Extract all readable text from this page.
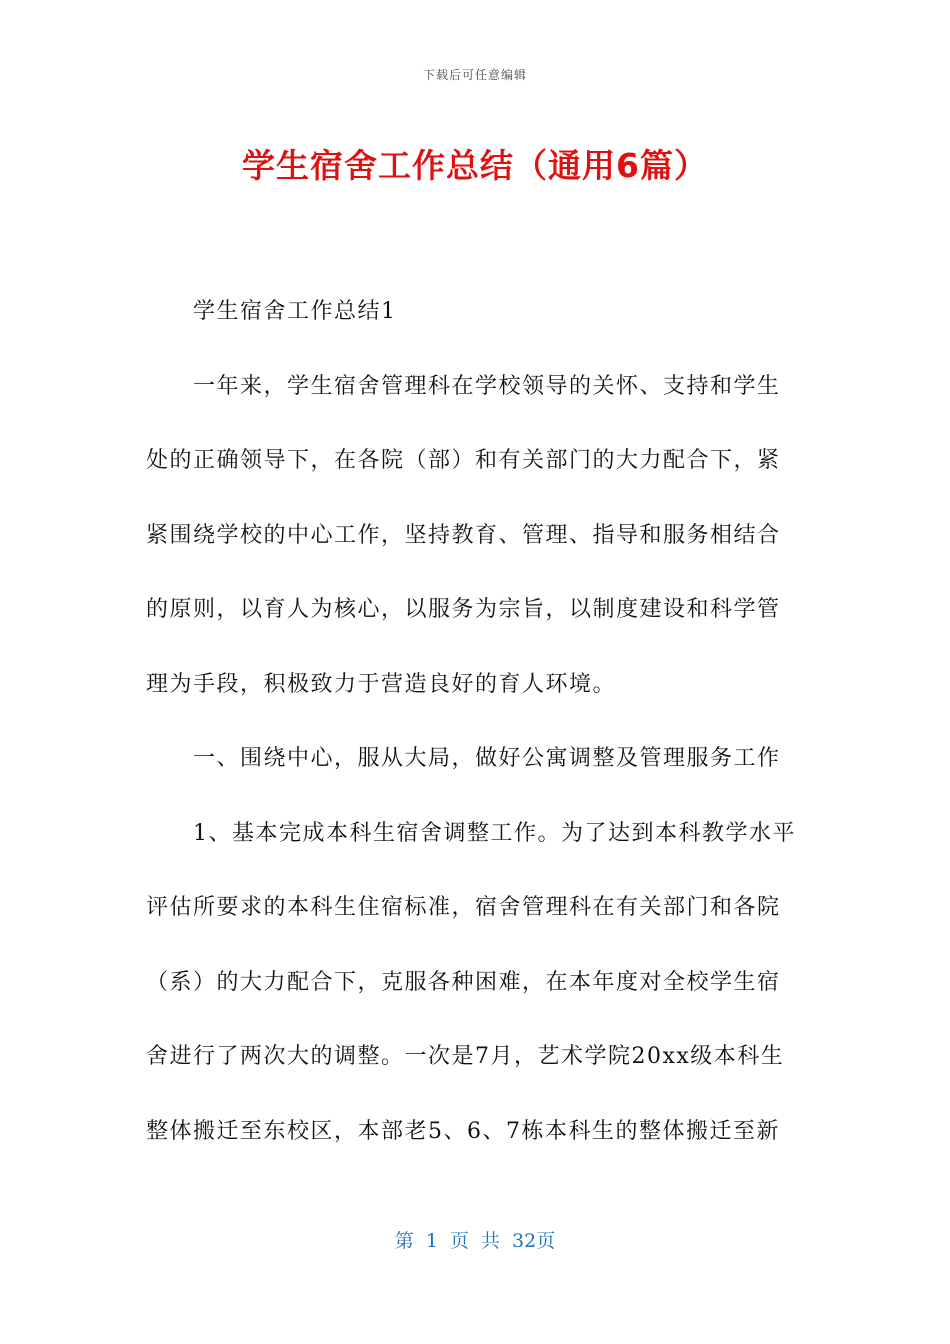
下载后可任意编辑
学生宿舍工作总结（通用6篇）
学生宿舍工作总结1
一年来，学生宿舍管理科在学校领导的关怀、支持和学生
处的正确领导下，在各院（部）和有关部门的大力配合下，紧
紧围绕学校的中心工作，坚持教育、管理、指导和服务相结合
的原则，以育人为核心，以服务为宗旨，以制度建设和科学管
理为手段，积极致力于营造良好的育人环境。
一、围绕中心，服从大局，做好公寓调整及管理服务工作
1、基本完成本科生宿舍调整工作。为了达到本科教学水平
评估所要求的本科生住宿标准，宿舍管理科在有关部门和各院
（系）的大力配合下，克服各种困难，在本年度对全校学生宿
舍进行了两次大的调整。一次是7月，艺术学院20xx级本科生
整体搬迁至东校区，本部老5、6、7栋本科生的整体搬迁至新
第 1 页 共 32页
